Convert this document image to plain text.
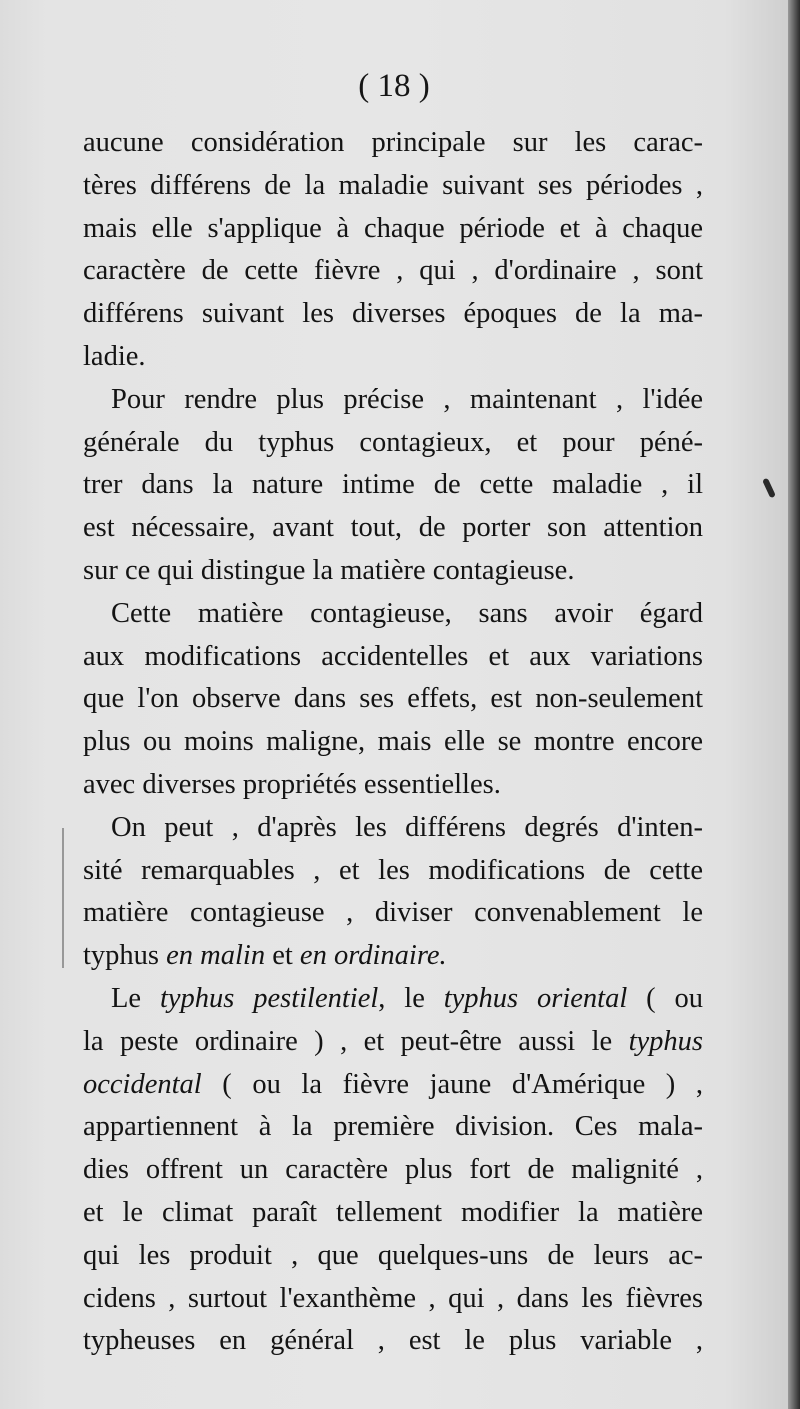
( 18 )
aucune considération principale sur les carac-
tères différens de la maladie suivant ses périodes ,
mais elle s'applique à chaque période et à chaque
caractère de cette fièvre , qui , d'ordinaire , sont
différens suivant les diverses époques de la ma-
ladie.
Pour rendre plus précise , maintenant , l'idée
générale du typhus contagieux, et pour péné-
trer dans la nature intime de cette maladie , il
est nécessaire, avant tout, de porter son attention
sur ce qui distingue la matière contagieuse.
Cette matière contagieuse, sans avoir égard
aux modifications accidentelles et aux variations
que l'on observe dans ses effets, est non-seulement
plus ou moins maligne, mais elle se montre encore
avec diverses propriétés essentielles.
On peut , d'après les différens degrés d'inten-
sité remarquables , et les modifications de cette
matière contagieuse , diviser convenablement le
typhus en malin et en ordinaire.
Le typhus pestilentiel, le typhus oriental ( ou
la peste ordinaire ) , et peut-être aussi le typhus
occidental ( ou la fièvre jaune d'Amérique ) ,
appartiennent à la première division. Ces mala-
dies offrent un caractère plus fort de malignité ,
et le climat paraît tellement modifier la matière
qui les produit , que quelques-uns de leurs ac-
cidens , surtout l'exanthème , qui , dans les fièvres
typheuses en général , est le plus variable ,
